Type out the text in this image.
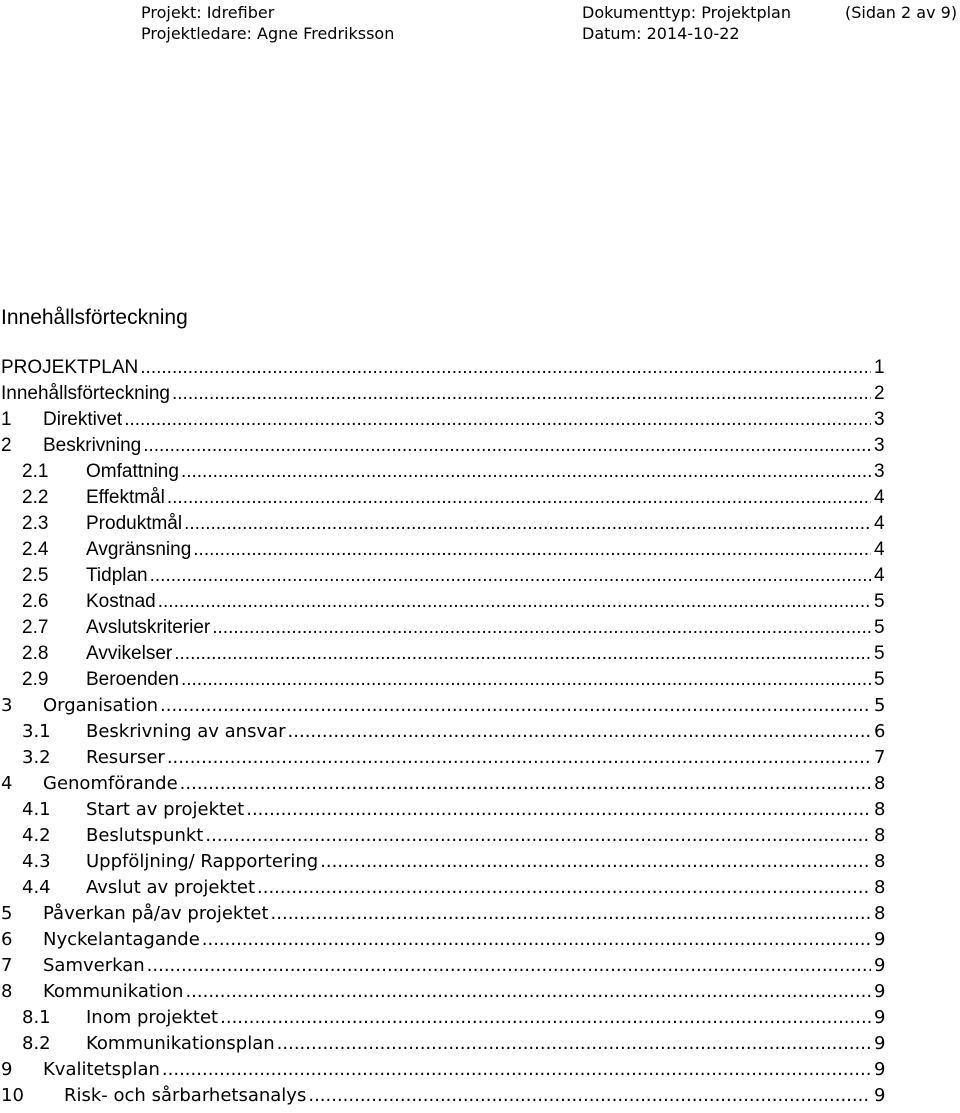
Projekt: Idrefiber
Projektledare: Agne Fredriksson
Dokumenttyp: Projektplan
Datum: 2014-10-22
(Sidan 2 av 9)
Innehållsförteckning
PROJEKTPLAN .....	1
Innehållsförteckning .....	2
1	Direktivet .....	3
2	Beskrivning .....	3
2.1	Omfattning .....	3
2.2	Effektmål .....	4
2.3	Produktmål .....	4
2.4	Avgränsning .....	4
2.5	Tidplan .....	4
2.6	Kostnad .....	5
2.7	Avslutskriterier .....	5
2.8	Avvikelser .....	5
2.9	Beroenden .....	5
3	Organisation .....	5
3.1	Beskrivning av ansvar .....	6
3.2	Resurser .....	7
4	Genomförande .....	8
4.1	Start av projektet .....	8
4.2	Beslutspunkt .....	8
4.3	Uppföljning/ Rapportering .....	8
4.4	Avslut av projektet .....	8
5	Påverkan på/av projektet .....	8
6	Nyckelantagande .....	9
7	Samverkan .....	9
8	Kommunikation .....	9
8.1	Inom projektet .....	9
8.2	Kommunikationsplan .....	9
9	Kvalitetsplan .....	9
10	Risk- och sårbarhetsanalys .....	9
